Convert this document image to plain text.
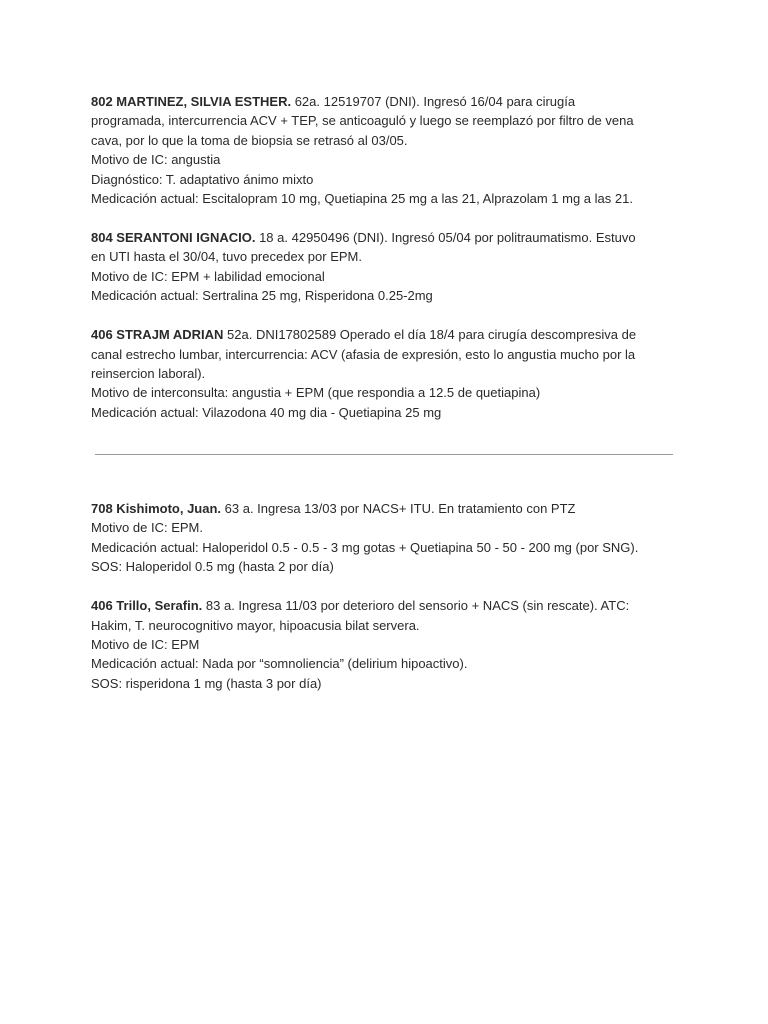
802 MARTINEZ, SILVIA ESTHER. 62a. 12519707 (DNI). Ingresó 16/04 para cirugía

programada, intercurrencia ACV + TEP, se anticoaguló y luego se reemplazó por filtro de vena

cava, por lo que la toma de biopsia se retrasó al 03/05.

Motivo de IC: angustia

Diagnóstico: T. adaptativo ánimo mixto

Medicación actual: Escitalopram 10 mg, Quetiapina 25 mg a las 21, Alprazolam 1 mg a las 21.

804 SERANTONI IGNACIO. 18 a. 42950496 (DNI). Ingresó 05/04 por politraumatismo. Estuvo

en UTI hasta el 30/04, tuvo precedex por EPM.

Motivo de IC: EPM + labilidad emocional

Medicación actual: Sertralina 25 mg, Risperidona 0.25-2mg

406 STRAJM ADRIAN 52a. DNI17802589 Operado el día 18/4 para cirugía descompresiva de

canal estrecho lumbar, intercurrencia: ACV (afasia de expresión, esto lo angustia mucho por la

reinsercion laboral).

Motivo de interconsulta: angustia + EPM (que respondia a 12.5 de quetiapina)

Medicación actual: Vilazodona 40 mg dia - Quetiapina 25 mg

708 Kishimoto, Juan. 63 a. Ingresa 13/03 por NACS+ ITU. En tratamiento con PTZ

Motivo de IC: EPM.

Medicación actual: Haloperidol 0.5 - 0.5 - 3 mg gotas + Quetiapina 50 - 50 - 200 mg (por SNG).

SOS: Haloperidol 0.5 mg (hasta 2 por día)

406 Trillo, Serafin. 83 a. Ingresa 11/03 por deterioro del sensorio + NACS (sin rescate). ATC:

Hakim, T. neurocognitivo mayor, hipoacusia bilat servera.

Motivo de IC: EPM

Medicación actual: Nada por “somnoliencia” (delirium hipoactivo).

SOS: risperidona 1 mg (hasta 3 por día)
